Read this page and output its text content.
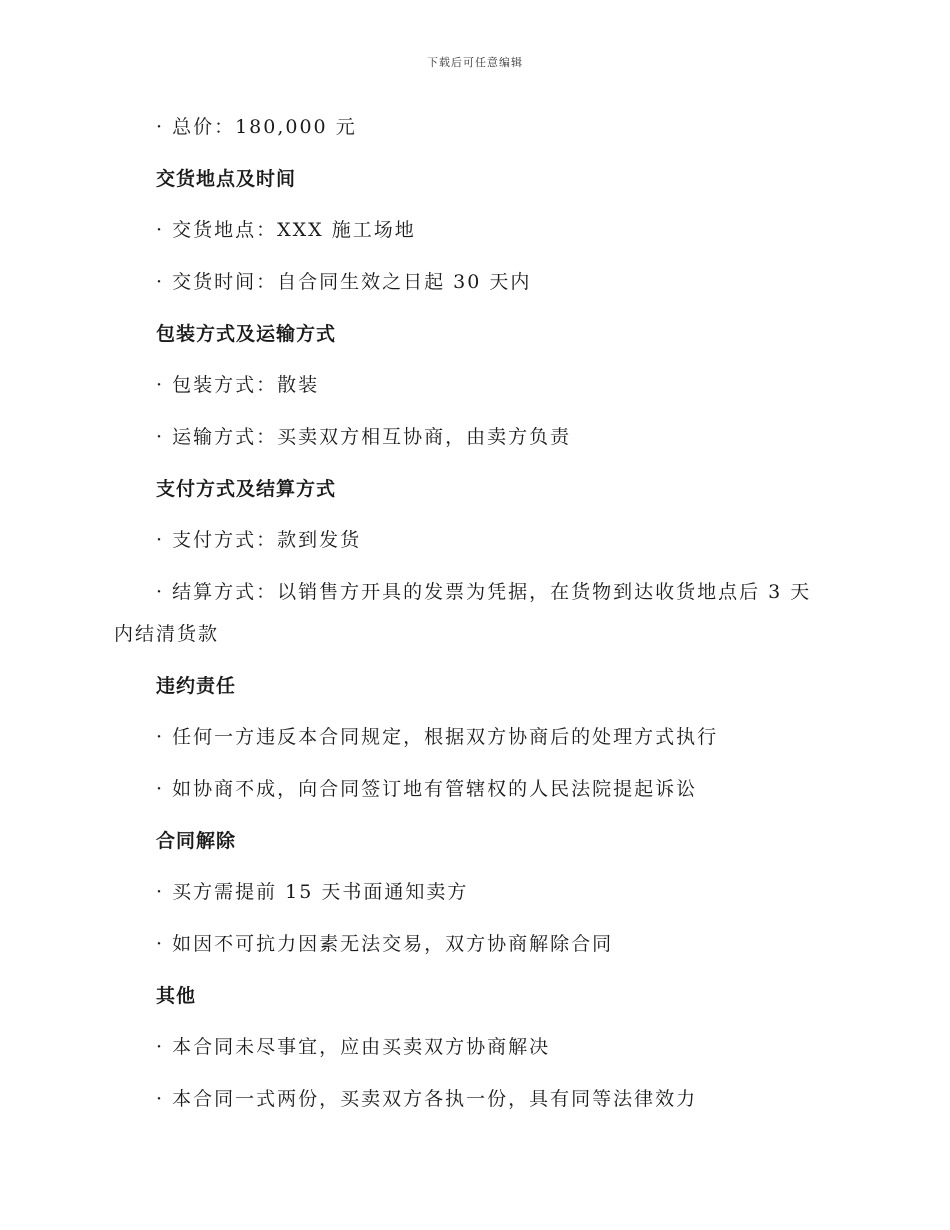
下载后可任意编辑
· 总价：180,000 元
交货地点及时间
· 交货地点：XXX 施工场地
· 交货时间：自合同生效之日起 30 天内
包装方式及运输方式
· 包装方式：散装
· 运输方式：买卖双方相互协商，由卖方负责
支付方式及结算方式
· 支付方式：款到发货
· 结算方式：以销售方开具的发票为凭据，在货物到达收货地点后 3 天
内结清货款
违约责任
· 任何一方违反本合同规定，根据双方协商后的处理方式执行
· 如协商不成，向合同签订地有管辖权的人民法院提起诉讼
合同解除
· 买方需提前 15 天书面通知卖方
· 如因不可抗力因素无法交易，双方协商解除合同
其他
· 本合同未尽事宜，应由买卖双方协商解决
· 本合同一式两份，买卖双方各执一份，具有同等法律效力
